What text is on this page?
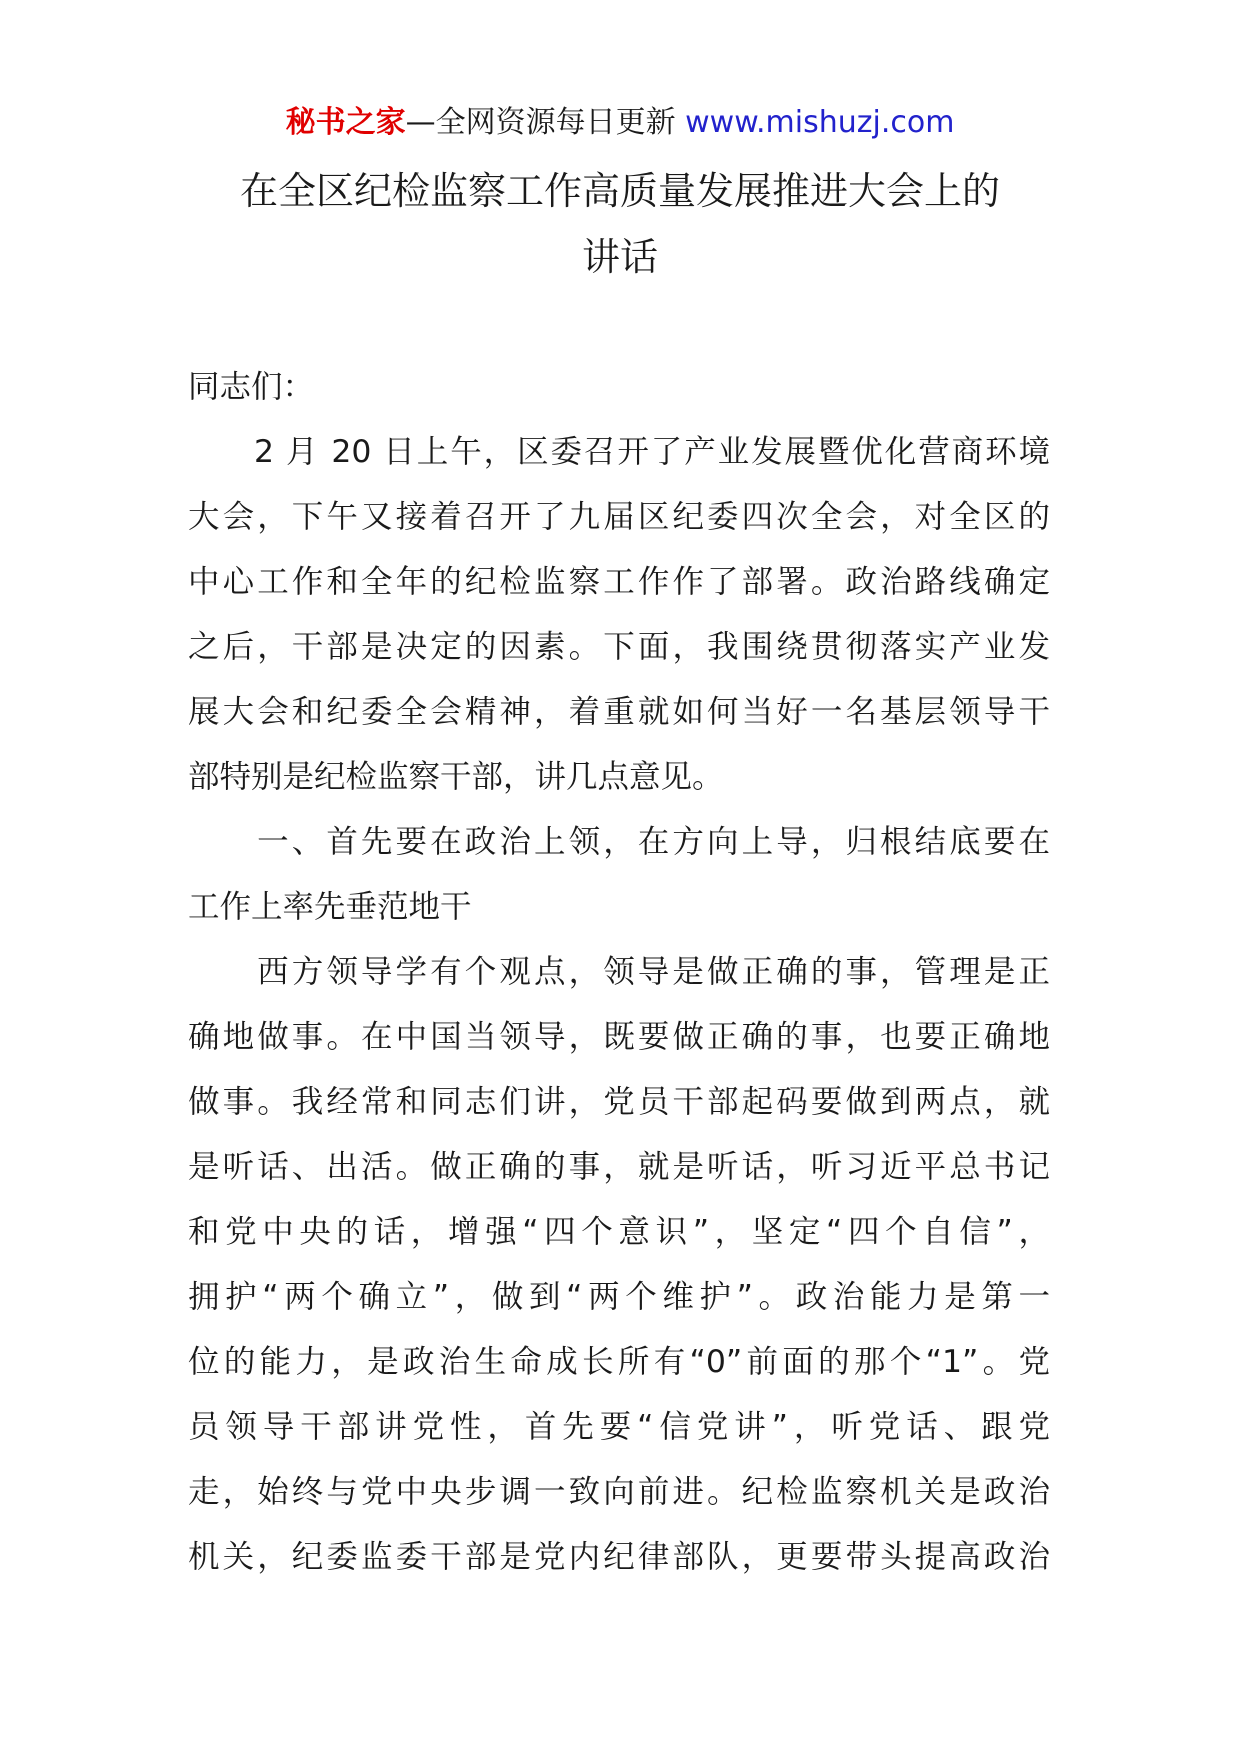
秘书之家—全网资源每日更新 www.mishuzj.com
在全区纪检监察工作高质量发展推进大会上的
讲话
同志们：
2 月 20 日上午，区委召开了产业发展暨优化营商环境
大会，下午又接着召开了九届区纪委四次全会，对全区的
中心工作和全年的纪检监察工作作了部署。政治路线确定
之后，干部是决定的因素。下面，我围绕贯彻落实产业发
展大会和纪委全会精神，着重就如何当好一名基层领导干
部特别是纪检监察干部，讲几点意见。
一、首先要在政治上领，在方向上导，归根结底要在
工作上率先垂范地干
西方领导学有个观点，领导是做正确的事，管理是正
确地做事。在中国当领导，既要做正确的事，也要正确地
做事。我经常和同志们讲，党员干部起码要做到两点，就
是听话、出活。做正确的事，就是听话，听习近平总书记
和党中央的话，增强“四个意识”，坚定“四个自信”，
拥护“两个确立”，做到“两个维护”。政治能力是第一
位的能力，是政治生命成长所有“0”前面的那个“1”。党
员领导干部讲党性，首先要“信党讲”，听党话、跟党
走，始终与党中央步调一致向前进。纪检监察机关是政治
机关，纪委监委干部是党内纪律部队，更要带头提高政治
